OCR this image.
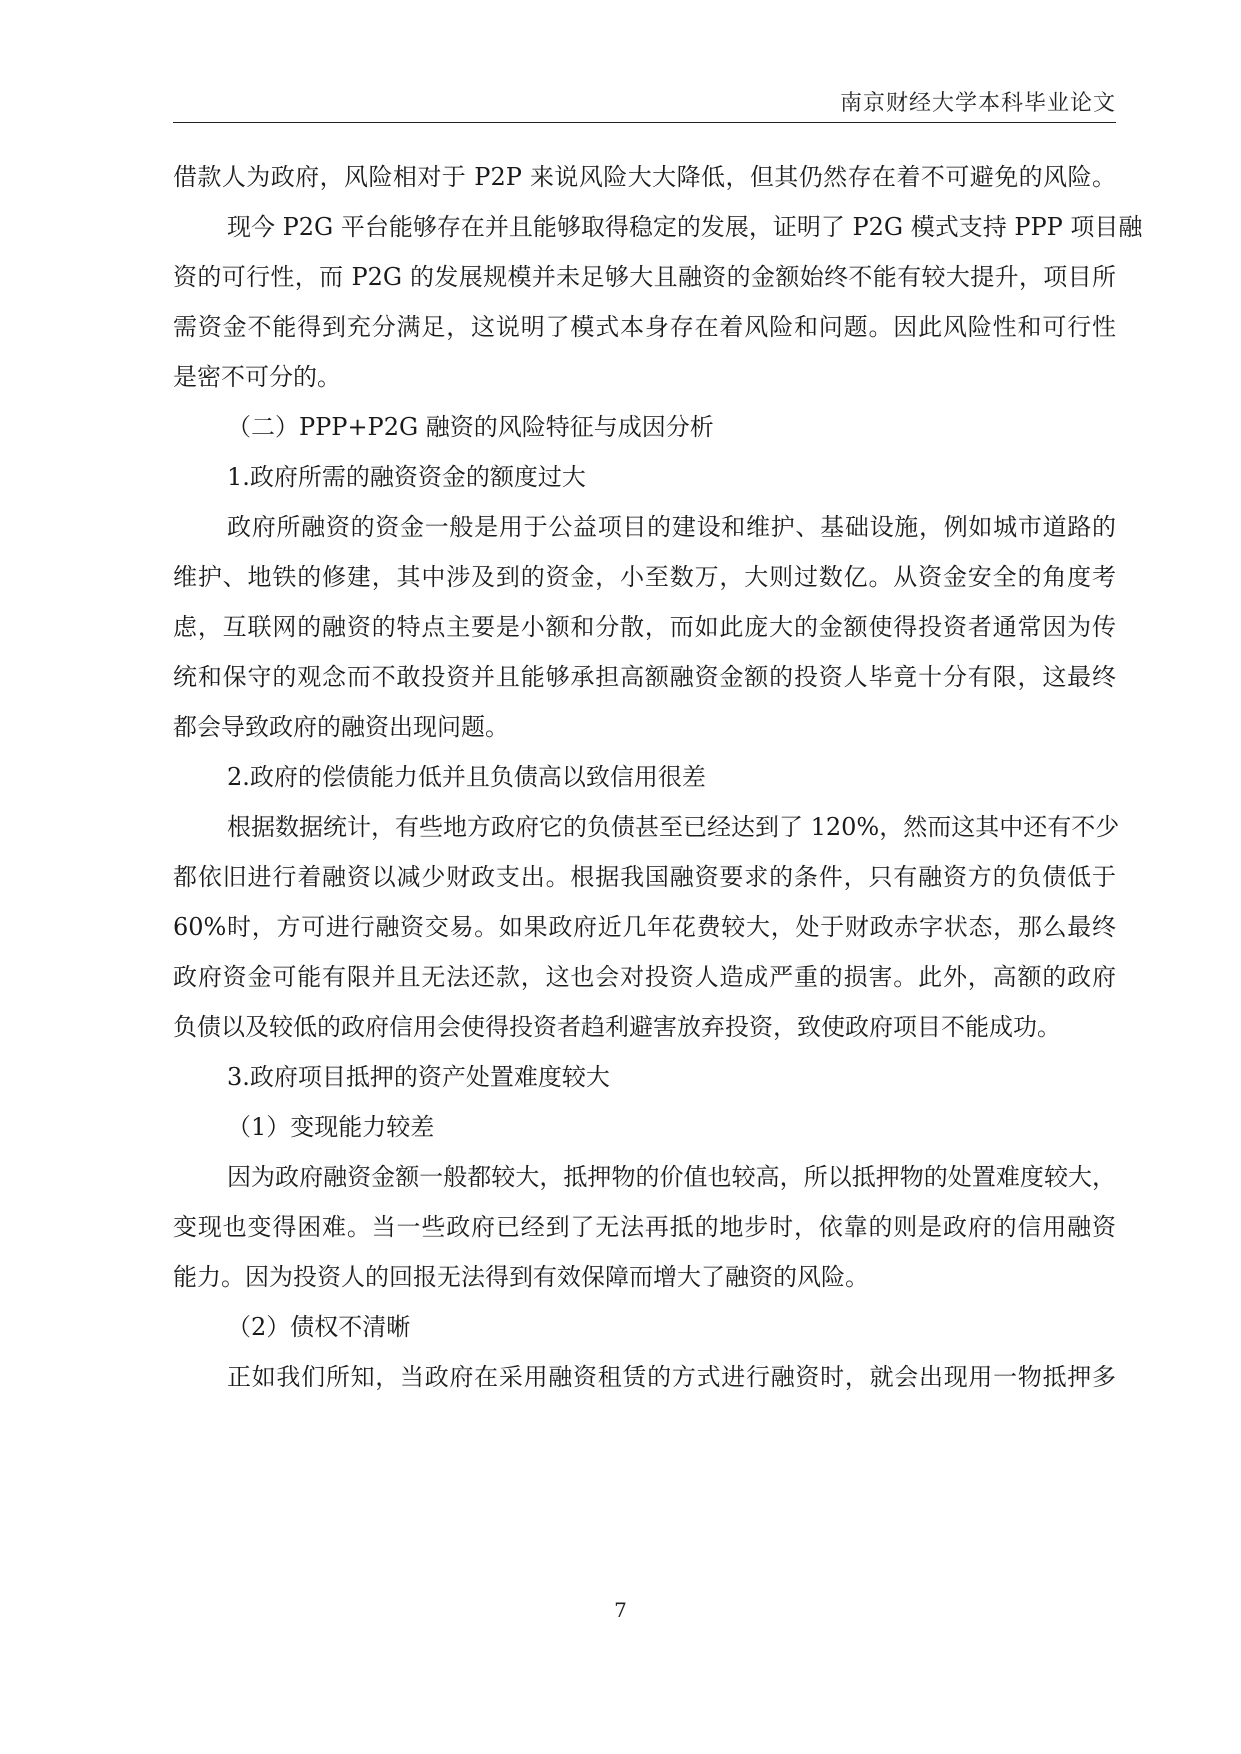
南京财经大学本科毕业论文
借款人为政府，风险相对于 P2P 来说风险大大降低，但其仍然存在着不可避免的风险。
现今 P2G 平台能够存在并且能够取得稳定的发展，证明了 P2G 模式支持 PPP 项目融
资的可行性，而 P2G 的发展规模并未足够大且融资的金额始终不能有较大提升，项目所
需资金不能得到充分满足，这说明了模式本身存在着风险和问题。因此风险性和可行性
是密不可分的。
（二）PPP+P2G 融资的风险特征与成因分析
1.政府所需的融资资金的额度过大
政府所融资的资金一般是用于公益项目的建设和维护、基础设施，例如城市道路的
维护、地铁的修建，其中涉及到的资金，小至数万，大则过数亿。从资金安全的角度考
虑，互联网的融资的特点主要是小额和分散，而如此庞大的金额使得投资者通常因为传
统和保守的观念而不敢投资并且能够承担高额融资金额的投资人毕竟十分有限，这最终
都会导致政府的融资出现问题。
2.政府的偿债能力低并且负债高以致信用很差
根据数据统计，有些地方政府它的负债甚至已经达到了 120%，然而这其中还有不少
都依旧进行着融资以减少财政支出。根据我国融资要求的条件，只有融资方的负债低于
60%时，方可进行融资交易。如果政府近几年花费较大，处于财政赤字状态，那么最终
政府资金可能有限并且无法还款，这也会对投资人造成严重的损害。此外，高额的政府
负债以及较低的政府信用会使得投资者趋利避害放弃投资，致使政府项目不能成功。
3.政府项目抵押的资产处置难度较大
（1）变现能力较差
因为政府融资金额一般都较大，抵押物的价值也较高，所以抵押物的处置难度较大，
变现也变得困难。当一些政府已经到了无法再抵的地步时，依靠的则是政府的信用融资
能力。因为投资人的回报无法得到有效保障而增大了融资的风险。
（2）债权不清晰
正如我们所知，当政府在采用融资租赁的方式进行融资时，就会出现用一物抵押多
7
